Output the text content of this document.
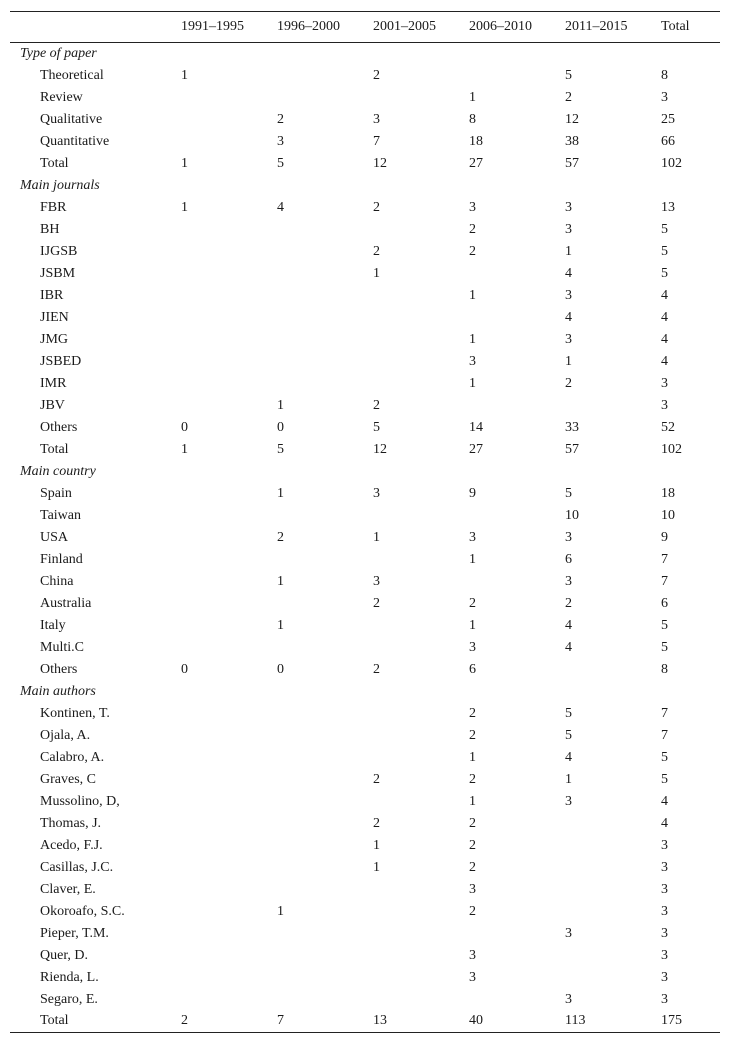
	1991–1995	1996–2000	2001–2005	2006–2010	2011–2015	Total
Type of paper						
Theoretical	1		2		5	8
Review				1	2	3
Qualitative		2	3	8	12	25
Quantitative		3	7	18	38	66
Total	1	5	12	27	57	102
Main journals						
FBR	1	4	2	3	3	13
BH				2	3	5
IJGSB			2	2	1	5
JSBM			1		4	5
IBR				1	3	4
JIEN					4	4
JMG				1	3	4
JSBED				3	1	4
IMR				1	2	3
JBV		1	2			3
Others	0	0	5	14	33	52
Total	1	5	12	27	57	102
Main country						
Spain		1	3	9	5	18
Taiwan					10	10
USA		2	1	3	3	9
Finland				1	6	7
China		1	3		3	7
Australia			2	2	2	6
Italy		1		1	4	5
Multi.C				3	4	5
Others	0	0	2	6		8
Main authors						
Kontinen, T.				2	5	7
Ojala, A.				2	5	7
Calabro, A.				1	4	5
Graves, C			2	2	1	5
Mussolino, D,				1	3	4
Thomas, J.			2	2		4
Acedo, F.J.			1	2		3
Casillas, J.C.			1	2		3
Claver, E.				3		3
Okoroafo, S.C.		1		2		3
Pieper, T.M.					3	3
Quer, D.				3		3
Rienda, L.				3		3
Segaro, E.					3	3
Total	2	7	13	40	113	175
